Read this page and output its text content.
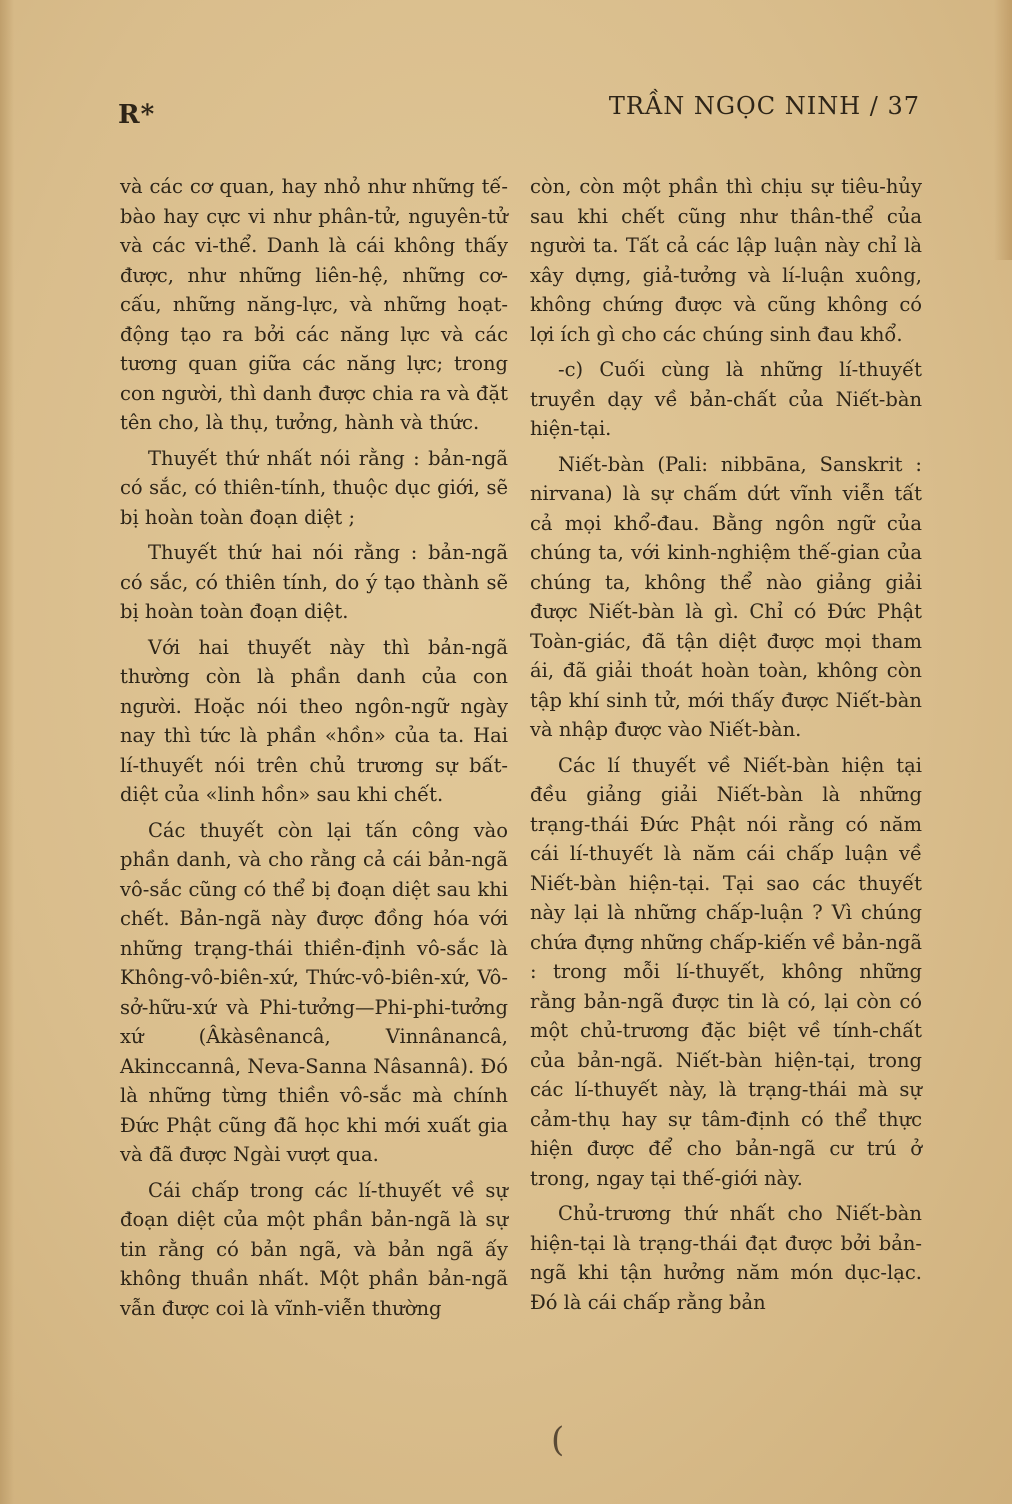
R*	TRẦN NGỌC NINH / 37

và các cơ quan, hay nhỏ như những tế-bào hay cực vi như phân-tử, nguyên-tử và các vi-thể. Danh là cái không thấy được, như những liên-hệ, những cơ-cấu, những năng-lực, và những hoạt-động tạo ra bởi các năng lực và các tương quan giữa các năng lực; trong con người, thì danh được chia ra và đặt tên cho, là thụ, tưởng, hành và thức.

Thuyết thứ nhất nói rằng : bản-ngã có sắc, có thiên-tính, thuộc dục giới, sẽ bị hoàn toàn đoạn diệt ;

Thuyết thứ hai nói rằng : bản-ngã có sắc, có thiên tính, do ý tạo thành sẽ bị hoàn toàn đoạn diệt.

Với hai thuyết này thì bản-ngã thường còn là phần danh của con người. Hoặc nói theo ngôn-ngữ ngày nay thì tức là phần «hồn» của ta. Hai lí-thuyết nói trên chủ trương sự bất-diệt của «linh hồn» sau khi chết.

Các thuyết còn lại tấn công vào phần danh, và cho rằng cả cái bản-ngã vô-sắc cũng có thể bị đoạn diệt sau khi chết. Bản-ngã này được đồng hóa với những trạng-thái thiền-định vô-sắc là Không-vô-biên-xứ, Thức-vô-biên-xứ, Vô-sở-hữu-xứ và Phi-tưởng—Phi-phi-tưởng xứ (Âkàsênancâ, Vinnânancâ, Akinccannâ, Neva-Sanna Nâsannâ). Đó là những từng thiền vô-sắc mà chính Đức Phật cũng đã học khi mới xuất gia và đã được Ngài vượt qua.

Cái chấp trong các lí-thuyết về sự đoạn diệt của một phần bản-ngã là sự tin rằng có bản ngã, và bản ngã ấy không thuần nhất. Một phần bản-ngã vẫn được coi là vĩnh-viễn thường

còn, còn một phần thì chịu sự tiêu-hủy sau khi chết cũng như thân-thể của người ta. Tất cả các lập luận này chỉ là xây dựng, giả-tưởng và lí-luận xuông, không chứng được và cũng không có lợi ích gì cho các chúng sinh đau khổ.

-c) Cuối cùng là những lí-thuyết truyền dạy về bản-chất của Niết-bàn hiện-tại.

Niết-bàn (Pali: nibbāna, Sanskrit : nirvana) là sự chấm dứt vĩnh viễn tất cả mọi khổ-đau. Bằng ngôn ngữ của chúng ta, với kinh-nghiệm thế-gian của chúng ta, không thể nào giảng giải được Niết-bàn là gì. Chỉ có Đức Phật Toàn-giác, đã tận diệt được mọi tham ái, đã giải thoát hoàn toàn, không còn tập khí sinh tử, mới thấy được Niết-bàn và nhập được vào Niết-bàn.

Các lí thuyết về Niết-bàn hiện tại đều giảng giải Niết-bàn là những trạng-thái Đức Phật nói rằng có năm cái lí-thuyết là năm cái chấp luận về Niết-bàn hiện-tại. Tại sao các thuyết này lại là những chấp-luận ? Vì chúng chứa đựng những chấp-kiến về bản-ngã : trong mỗi lí-thuyết, không những rằng bản-ngã được tin là có, lại còn có một chủ-trương đặc biệt về tính-chất của bản-ngã. Niết-bàn hiện-tại, trong các lí-thuyết này, là trạng-thái mà sự cảm-thụ hay sự tâm-định có thể thực hiện được để cho bản-ngã cư trú ở trong, ngay tại thế-giới này.

Chủ-trương thứ nhất cho Niết-bàn hiện-tại là trạng-thái đạt được bởi bản-ngã khi tận hưởng năm món dục-lạc. Đó là cái chấp rằng bản

(
